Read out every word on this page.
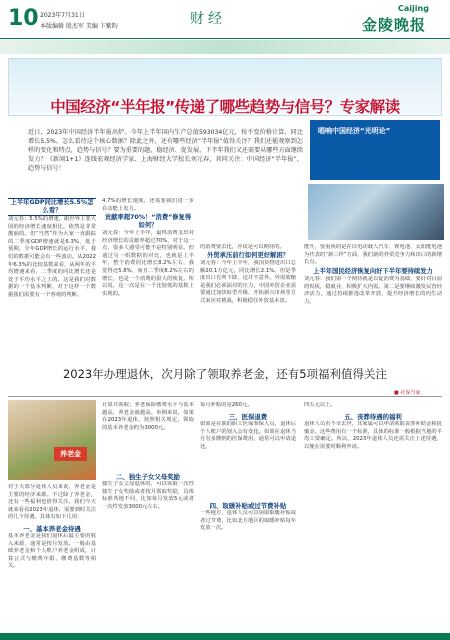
10 2023年7月31日
本版编辑 殷杰军 美编 卞紫昀	财经
Caijing
金陵晚报
中国经济“半年报”传递了哪些趋势与信号？专家解读
近日，2023年中国经济半年报出炉。今年上半年国内生产总值593034亿元，按不变价格计算，同比增长5.5%。怎么看待这个核心数据？除此之外，还有哪些经济“半年报”值得关注？我们还能观察到怎样的变化和特点，趋势与信号？要为重要的题，稳经济、促发展、下半年我们又还需要从哪些方面继续发力？《新闻1+1》连线宏观经济学家、上海财经大学校长刘元春，共同关注：中国经济“半年报”，趋势与信号！
唱响中国经济“光明论”
上半年GDP同比增长5.5%怎么看？
刘元春：5.5%的增速，跟世界主要大国的经济增长速度相比，依然是非常靓丽的。但“当然”作为大家一直跟踪的二季度GDP增速就是6.3%，低于预期，全年GDP增长的运行水平，我们的数据可能会有一些波动。从2022年6.3%的比较基数来看，从两年的平均增速来看，二季度的同比增长还是处于平均水平之上的。这是我们对数据的一个基本判断，对于这样一个数据我们需要有一个客观的判断。
4.7%的增长速度，还需要我们进一步在动能上发力。
贡献率超70%！“消费”修复得如何？
刘元春：今年上半年，最终消费支出对经济增长的贡献率超过70%，对于这一点，很多人感受可能不是特别明显。但通过另一组数据的对比，也就是上半年，整个消费同比增长8.2%左右，我觉得还5.8%，而且二季度8.2%左右的增长，也是一个消费的很大的恢复。所以说，这一次是在一个比较低的基数上实现的。
的消费要去化，应该是可以期待的。
外贸承压前行如何更好解困？
刘元春：今年上半年，我国货物进出口总额20.1万亿元，同比增长2.1%。但是季度出口有所下降，这并不意外。外需收缩是我们必须面对的压力，中国外贸企业需要通过加快转型升级、开拓新兴市场等方式来应对挑战，积极稳住外贸基本盘。
能升，要重视的是在以电动载人汽车、锂电池、太阳能电池为代表的“新三样”方面，我们新的外贸竞争力和出口的新增长点。
上半年国民经济恢复向好下半年要持续发力
刘元春：我们第一个期待就是以促消费为基础，要针对目前的短板，稳就业，积极扩大内需。第二是要继续激发民营经济活力，通过持续推进改革开放，提升经济增长的内生动力。
2023年办理退休，次月除了领取养老金，还有5项福利值得关注
■ 社保当家
养老金
对于大部分退休人员来说，养老金是主要的经济来源。不过除了养老金，还有一些福利也值得关注。我们今天就来看看2023年退休，需要到时关注的几个待遇。具体有如下几项：
一、基本养老金待遇
基本养老金是我们退休后最主要的收入来源，通常是按月发放。一般由基础养老金和个人账户养老金组成，计算公式与缴费年限、缴费基数等相关。
计算并领取；养老保险缴费水平与基本越高，养老金就越高。举例来说，如果在2023年退休，按照相关规定，领取的基本养老金约为3000元。
二、独生子女父母奖励
独生子女父母退休时，可以领取一次性独生子女奖励或者按月领取奖励，具体标准各地不同，比如每月发放5元或者一次性发放3000元左右。
每月补贴的是260元。
三、医保退费
如果是在职的职工医保参保人员，退休后个人账户的划入会有变化。如果在退休当月有多缴纳的医保费用，通常可以申请退还。
四、取暖补贴或过节费补贴
一些地方，退休人员可以领取取暖补贴或者过节费，比如北方地区的取暖补贴每年发放一次。
四五元以上。
五、丧葬待遇的福利
退休人员若不幸去世，其家属可以申请领取丧葬补助金和抚恤金。这些费用有一个标准，具体的标准一般根据当地的平均工资确定。所以，2023年退休人员还需关注上述待遇，以便在需要时顺利申请。
